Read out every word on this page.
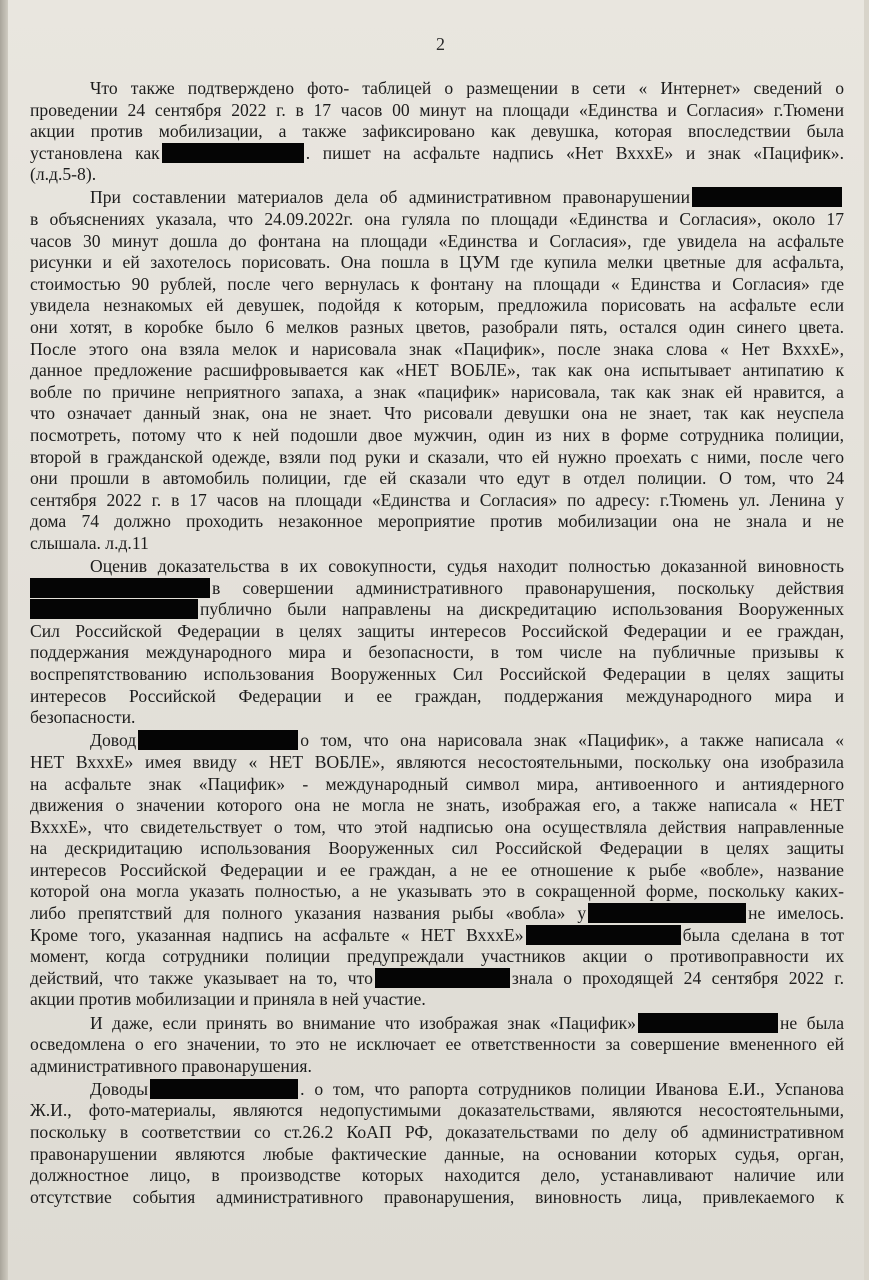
2
Что также подтверждено фото- таблицей о размещении в сети « Интернет» сведений о
проведении 24 сентября 2022 г. в 17 часов 00 минут на площади «Единства и Согласия» г.Тюмени
акции против мобилизации, а также зафиксировано как девушка, которая впоследствии была
установлена как	. пишет на асфальте надпись «Нет ВхххЕ» и знак «Пацифик».
(л.д.5-8).
При составлении материалов дела об административном правонарушении
в объяснениях указала, что 24.09.2022г. она гуляла по площади «Единства и Согласия», около 17
часов 30 минут дошла до фонтана на площади «Единства и Согласия», где увидела на асфальте
рисунки и ей захотелось порисовать. Она пошла в ЦУМ где купила мелки цветные для асфальта,
стоимостью 90 рублей, после чего вернулась к фонтану на площади « Единства и Согласия» где
увидела незнакомых ей девушек, подойдя к которым, предложила порисовать на асфальте если
они хотят, в коробке было 6 мелков разных цветов, разобрали пять, остался один синего цвета.
После этого она взяла мелок и нарисовала знак «Пацифик», после знака слова « Нет ВхххЕ»,
данное предложение расшифровывается как «НЕТ ВОБЛЕ», так как она испытывает антипатию к
вобле по причине неприятного запаха, а знак «пацифик» нарисовала, так как знак ей нравится, а
что означает данный знак, она не знает. Что рисовали девушки она не знает, так как неуспела
посмотреть, потому что к ней подошли двое мужчин, один из них в форме сотрудника полиции,
второй в гражданской одежде, взяли под руки и сказали, что ей нужно проехать с ними, после чего
они прошли в автомобиль полиции, где ей сказали что едут в отдел полиции. О том, что 24
сентября 2022 г. в 17 часов на площади «Единства и Согласия» по адресу: г.Тюмень ул. Ленина у
дома 74 должно проходить незаконное мероприятие против мобилизации она не знала и не
слышала. л.д.11
Оценив доказательства в их совокупности, судья находит полностью доказанной виновность
в совершении административного правонарушения, поскольку действия
публично были направлены на дискредитацию использования Вооруженных
Сил Российской Федерации в целях защиты интересов Российской Федерации и ее граждан,
поддержания международного мира и безопасности, в том числе на публичные призывы к
воспрепятствованию использования Вооруженных Сил Российской Федерации в целях защиты
интересов Российской Федерации и ее граждан, поддержания международного мира и
безопасности.
Довод	о том, что она нарисовала знак «Пацифик», а также написала «
НЕТ ВхххЕ» имея ввиду « НЕТ ВОБЛЕ», являются несостоятельными, поскольку она изобразила
на асфальте знак «Пацифик» - международный символ мира, антивоенного и антиядерного
движения о значении которого она не могла не знать, изображая его, а также написала « НЕТ
ВхххЕ», что свидетельствует о том, что этой надписью она осуществляла действия направленные
на дескридитацию использования Вооруженных сил Российской Федерации в целях защиты
интересов Российской Федерации и ее граждан, а не ее отношение к рыбе «вобле», название
которой она могла указать полностью, а не указывать это в сокращенной форме, поскольку каких-
либо препятствий для полного указания названия рыбы «вобла» у	не имелось.
Кроме того, указанная надпись на асфальте « НЕТ ВхххЕ»	была сделана в тот
момент, когда сотрудники полиции предупреждали участников акции о противоправности их
действий, что также указывает на то, что	знала о проходящей 24 сентября 2022 г.
акции против мобилизации и приняла в ней участие.
И даже, если принять во внимание что изображая знак «Пацифик»	не была
осведомлена о его значении, то это не исключает ее ответственности за совершение вмененного ей
административного правонарушения.
Доводы	. о том, что рапорта сотрудников полиции Иванова Е.И., Успанова
Ж.И., фото-материалы, являются недопустимыми доказательствами, являются несостоятельными,
поскольку в соответствии со ст.26.2 КоАП РФ, доказательствами по делу об административном
правонарушении являются любые фактические данные, на основании которых судья, орган,
должностное лицо, в производстве которых находится дело, устанавливают наличие или
отсутствие события административного правонарушения, виновность лица, привлекаемого к
